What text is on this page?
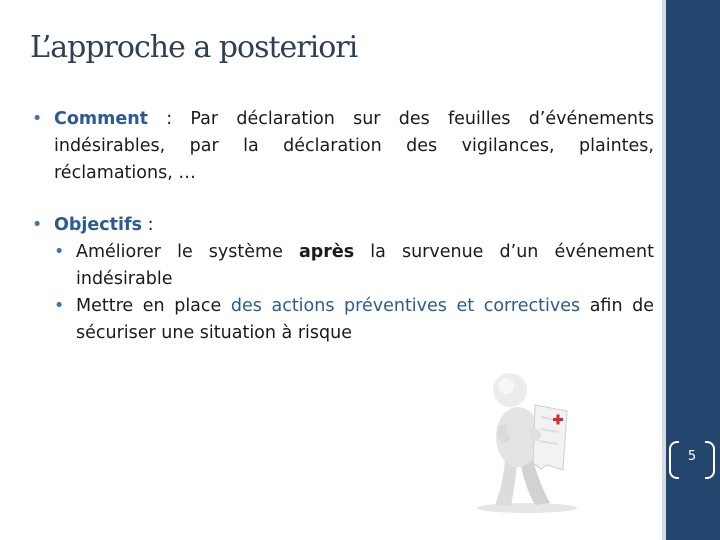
L’approche a posteriori

• Comment : Par déclaration sur des feuilles d’événements indésirables, par la déclaration des vigilances, plaintes, réclamations, …

• Objectifs :

• Améliorer le système après la survenue d’un événement indésirable

• Mettre en place des actions préventives et correctives afin de sécuriser une situation à risque

5
